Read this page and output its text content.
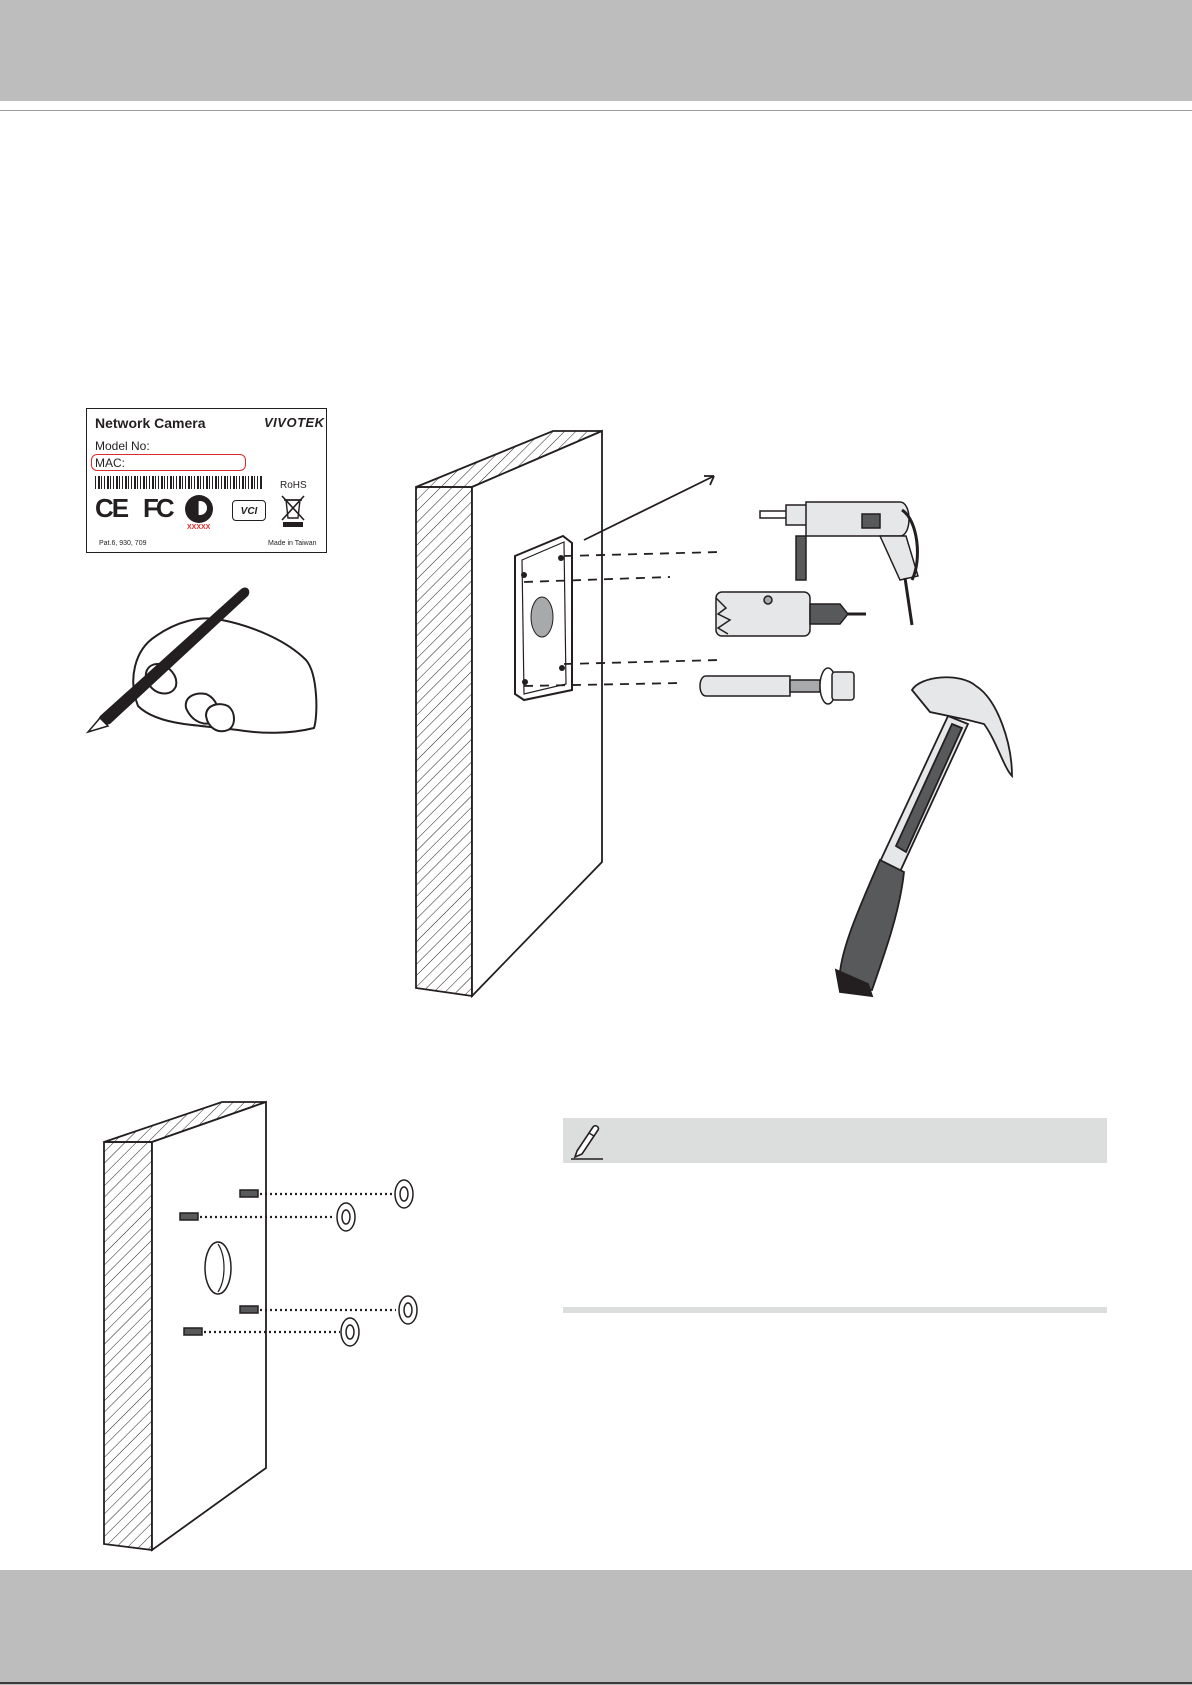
Network Camera	VIVOTEK
Model No:
MAC:
RoHS
CE FC
XXXXX
VCI
Pat.6, 930, 709	Made in Taiwan
